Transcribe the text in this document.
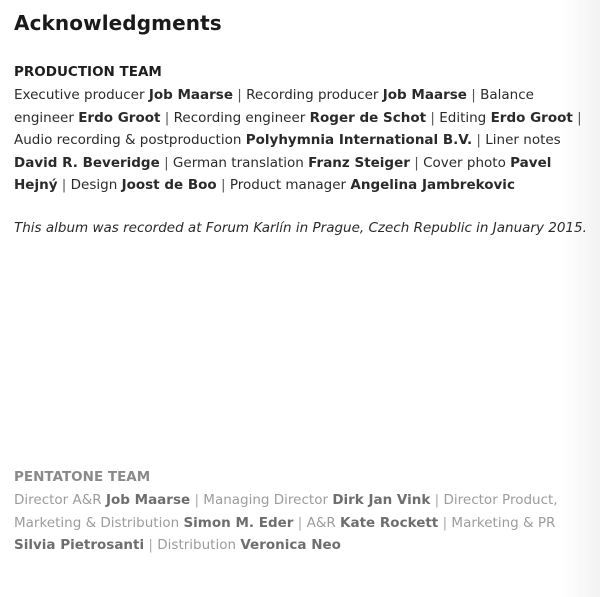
Acknowledgments
PRODUCTION TEAM
Executive producer Job Maarse | Recording producer Job Maarse | Balance engineer Erdo Groot | Recording engineer Roger de Schot | Editing Erdo Groot | Audio recording & postproduction Polyhymnia International B.V. | Liner notes David R. Beveridge | German translation Franz Steiger | Cover photo Pavel Hejný | Design Joost de Boo | Product manager Angelina Jambrekovic
This album was recorded at Forum Karlín in Prague, Czech Republic in January 2015.
PENTATONE TEAM
Director A&R Job Maarse | Managing Director Dirk Jan Vink | Director Product, Marketing & Distribution Simon M. Eder | A&R Kate Rockett | Marketing & PR Silvia Pietrosanti | Distribution Veronica Neo
